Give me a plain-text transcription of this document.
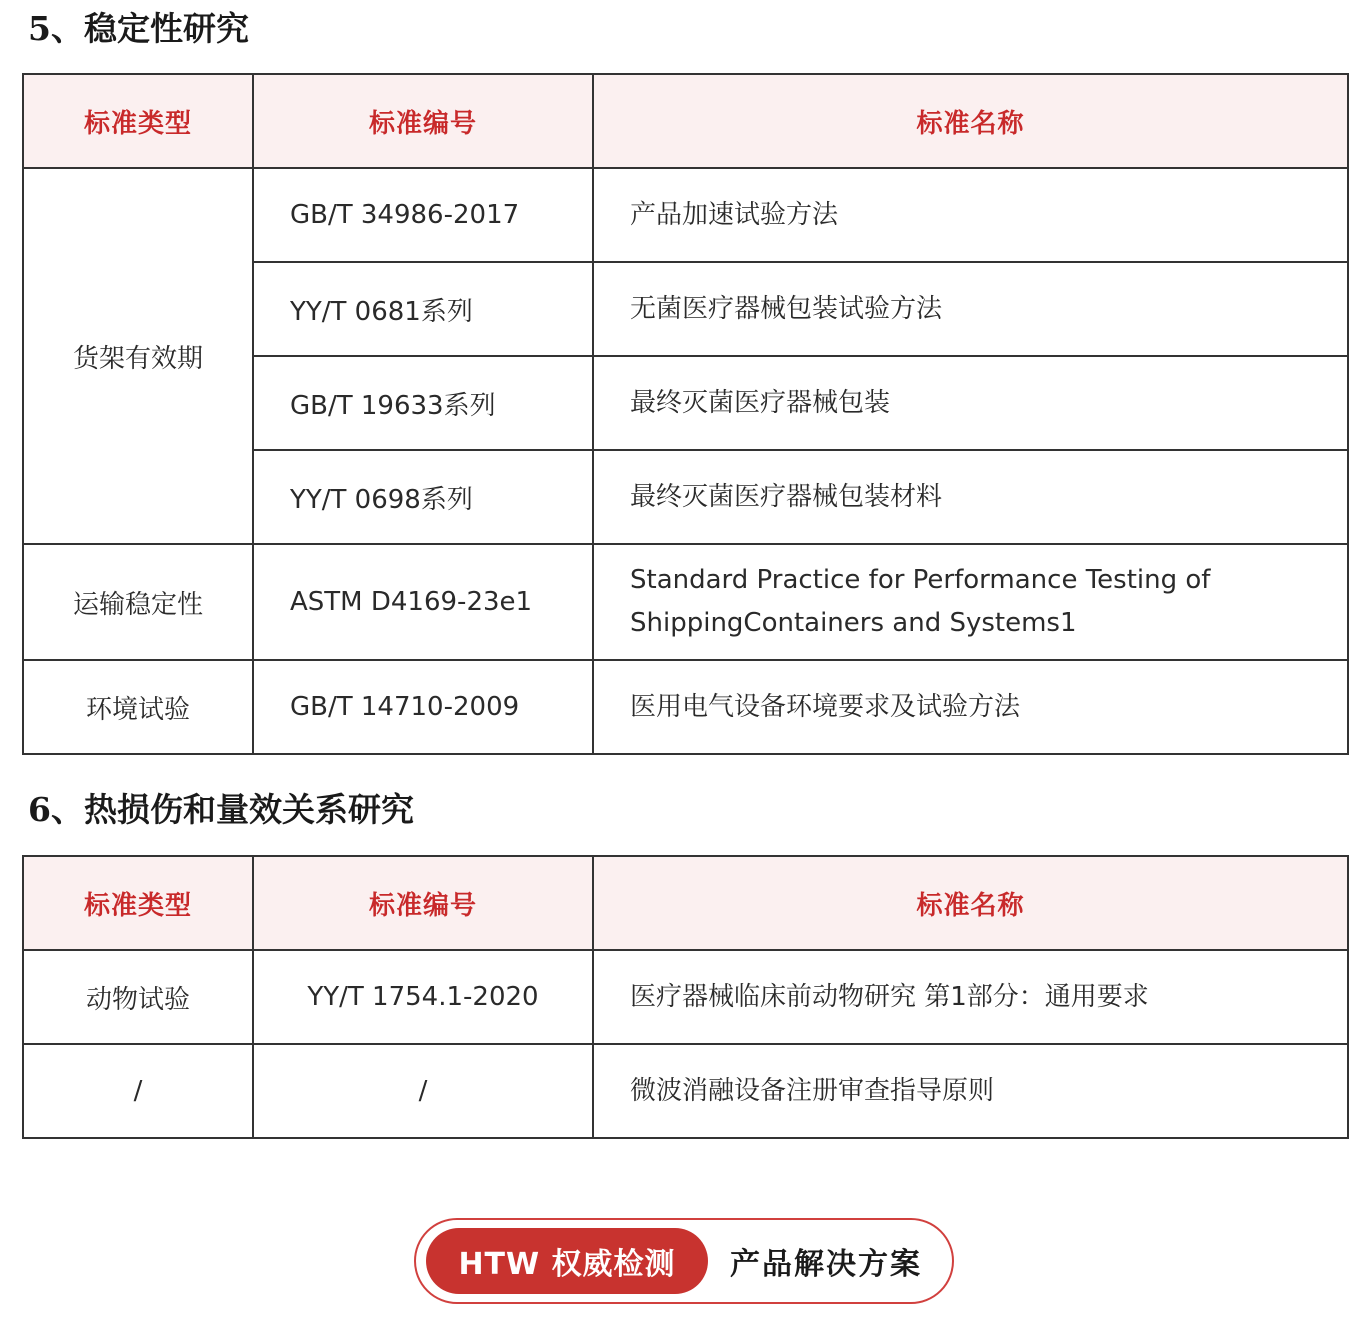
5、稳定性研究
标准类型	标准编号	标准名称
货架有效期	GB/T 34986-2017	产品加速试验方法
	YY/T 0681系列	无菌医疗器械包装试验方法
	GB/T 19633系列	最终灭菌医疗器械包装
	YY/T 0698系列	最终灭菌医疗器械包装材料
运输稳定性	ASTM D4169-23e1	Standard Practice for Performance Testing of
ShippingContainers and Systems1
环境试验	GB/T 14710-2009	医用电气设备环境要求及试验方法
6、热损伤和量效关系研究
标准类型	标准编号	标准名称
动物试验	YY/T 1754.1-2020	医疗器械临床前动物研究 第1部分：通用要求
/	/	微波消融设备注册审查指导原则
HTW 权威检测	产品解决方案
